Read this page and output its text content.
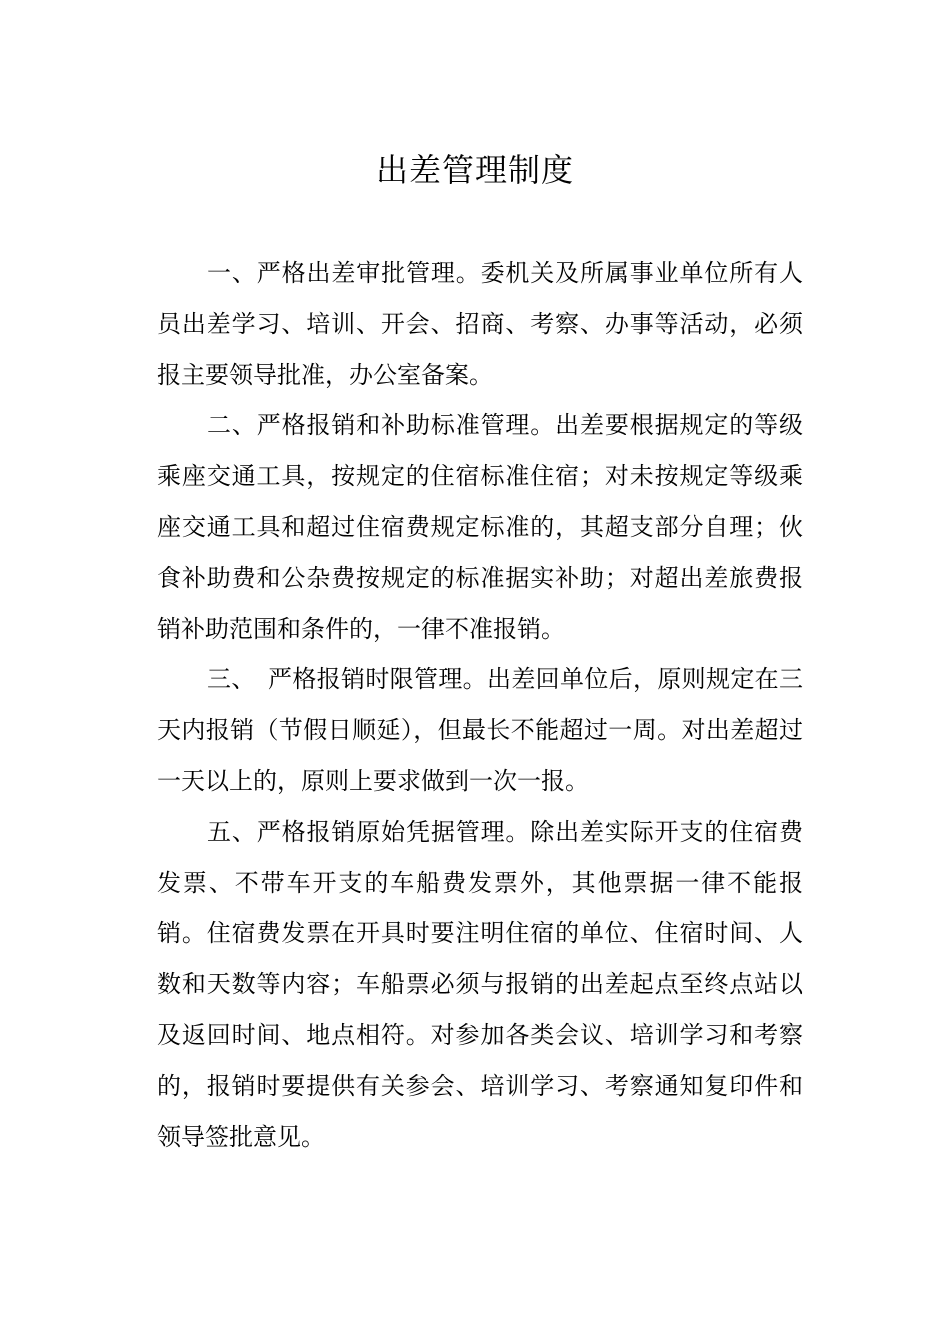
出差管理制度

一、严格出差审批管理。委机关及所属事业单位所有人员出差学习、培训、开会、招商、考察、办事等活动，必须报主要领导批准，办公室备案。

二、严格报销和补助标准管理。出差要根据规定的等级乘座交通工具，按规定的住宿标准住宿；对未按规定等级乘座交通工具和超过住宿费规定标准的，其超支部分自理；伙食补助费和公杂费按规定的标准据实补助；对超出差旅费报销补助范围和条件的，一律不准报销。

三、　严格报销时限管理。出差回单位后，原则规定在三天内报销（节假日顺延），但最长不能超过一周。对出差超过一天以上的，原则上要求做到一次一报。

五、严格报销原始凭据管理。除出差实际开支的住宿费发票、不带车开支的车船费发票外，其他票据一律不能报销。住宿费发票在开具时要注明住宿的单位、住宿时间、人数和天数等内容；车船票必须与报销的出差起点至终点站以及返回时间、地点相符。对参加各类会议、培训学习和考察的，报销时要提供有关参会、培训学习、考察通知复印件和领导签批意见。
